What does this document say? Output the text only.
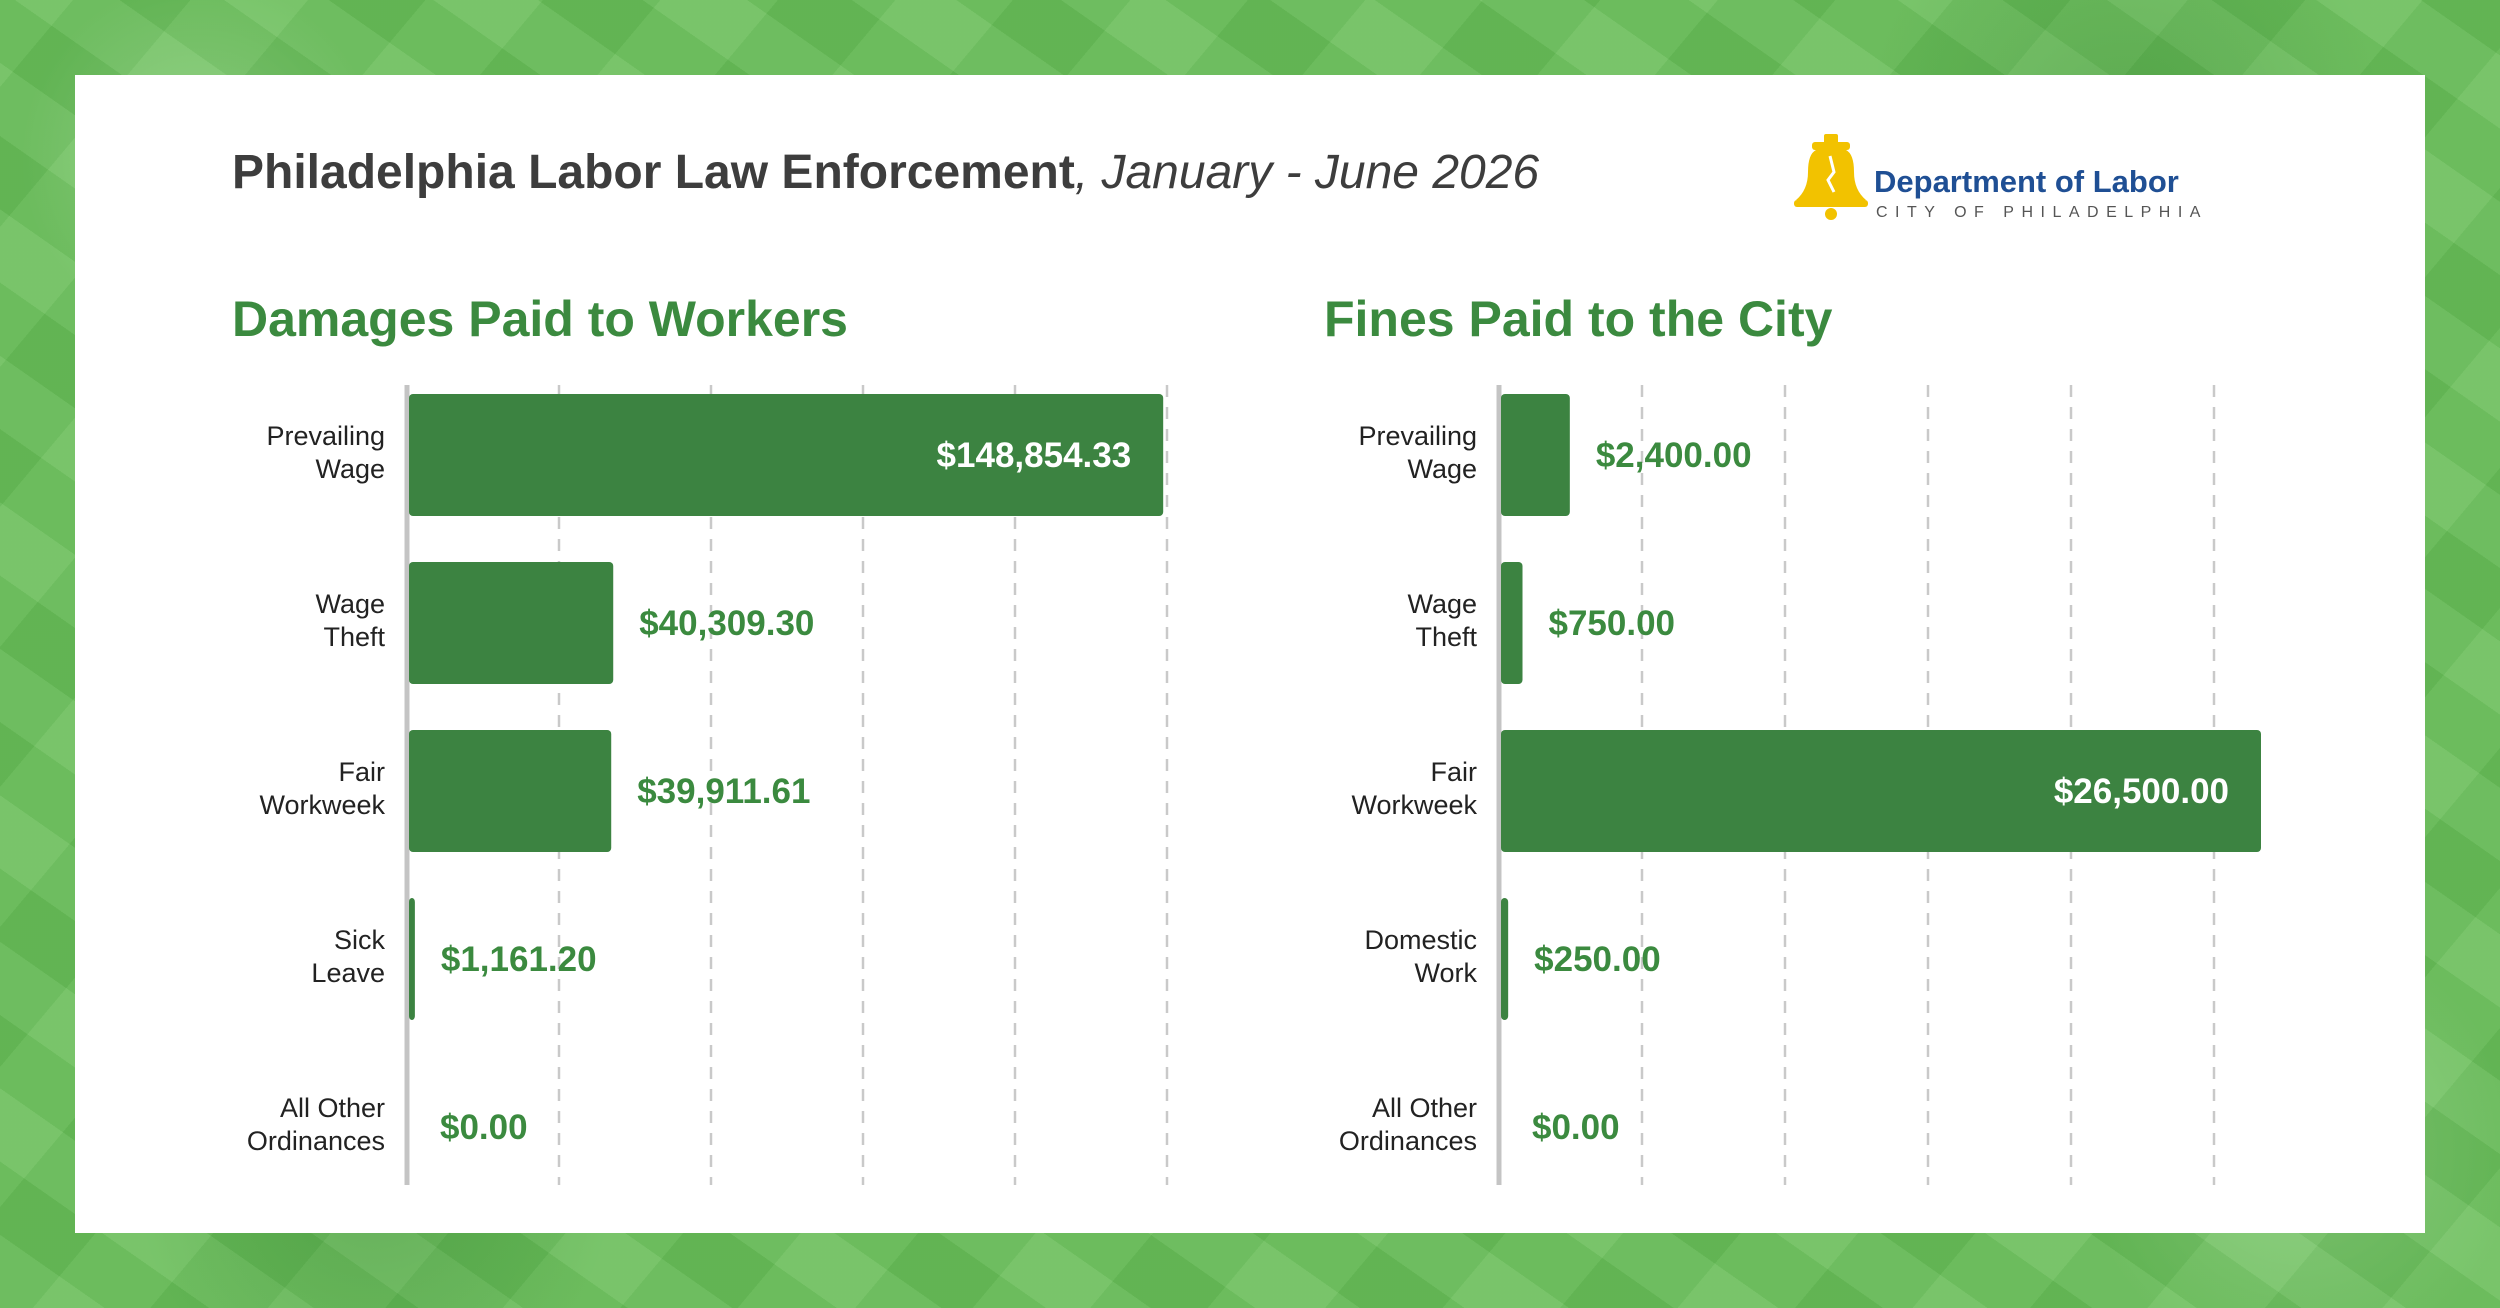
Philadelphia Labor Law Enforcement, January - June 2026	Department of Labor
CITY OF PHILADELPHIA
Damages Paid to Workers
Prevailing Wage	$148,854.33
Wage Theft	$40,309.30
Fair Workweek	$39,911.61
Sick Leave $1,161.20
All Other Ordinances $0.00
Fines Paid to the City
Prevailing Wage	$2,400.00
Wage Theft $750.00
Fair Workweek	$26,500.00
Domestic Work $250.00
All Other Ordinances $0.00
